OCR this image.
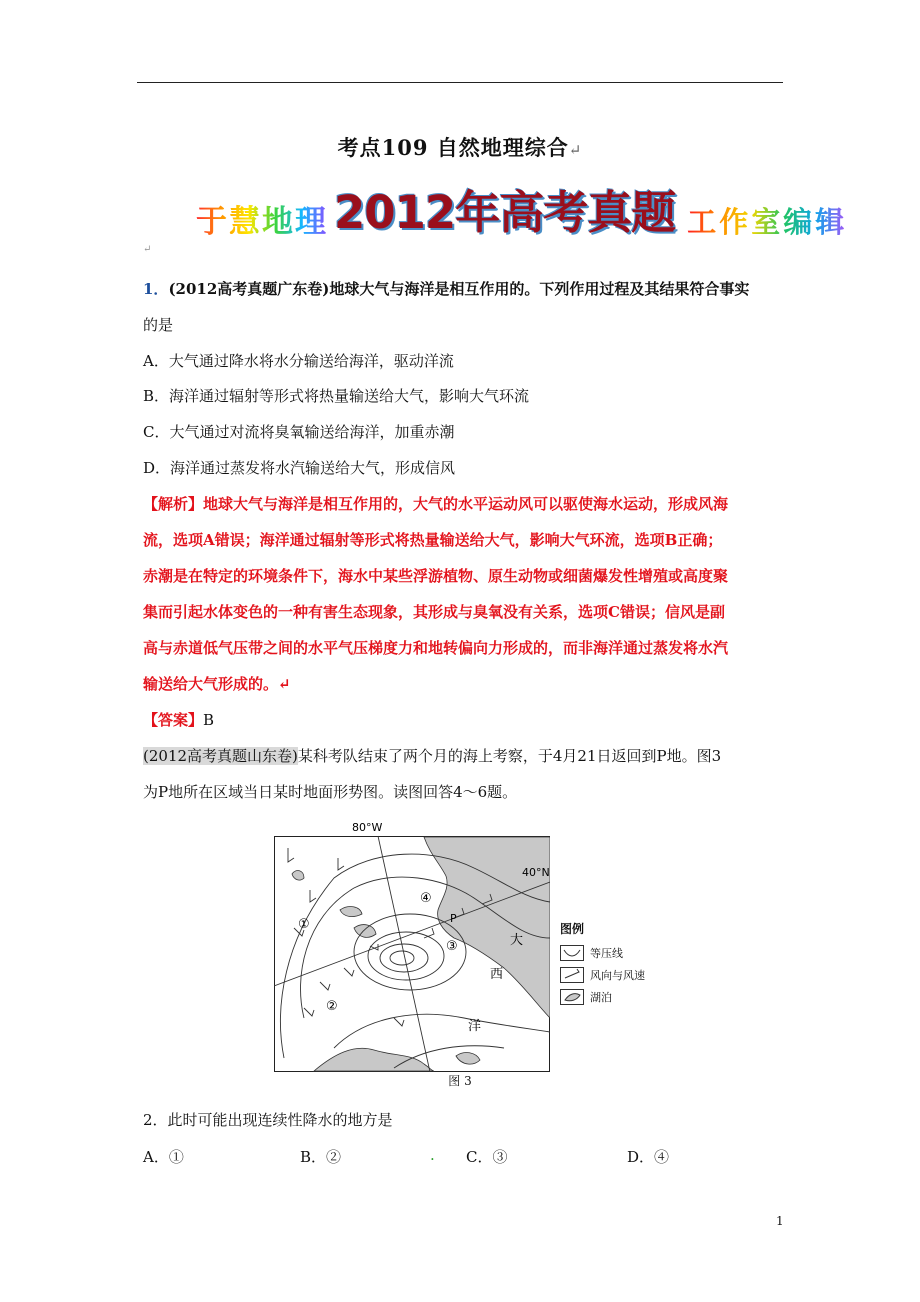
考点109 自然地理综合↵
于慧地理 2012年高考真题 工作室编辑
↵
1．(2012高考真题广东卷)地球大气与海洋是相互作用的。下列作用过程及其结果符合事实
的是
A．大气通过降水将水分输送给海洋，驱动洋流
B．海洋通过辐射等形式将热量输送给大气，影响大气环流
C．大气通过对流将臭氧输送给海洋，加重赤潮
D．海洋通过蒸发将水汽输送给大气，形成信风
【解析】地球大气与海洋是相互作用的，大气的水平运动风可以驱使海水运动，形成风海
流，选项A错误；海洋通过辐射等形式将热量输送给大气，影响大气环流，选项B正确；
赤潮是在特定的环境条件下，海水中某些浮游植物、原生动物或细菌爆发性增殖或高度聚
集而引起水体变色的一种有害生态现象，其形成与臭氧没有关系，选项C错误；信风是副
高与赤道低气压带之间的水平气压梯度力和地转偏向力形成的，而非海洋通过蒸发将水汽
输送给大气形成的。↵
【答案】B
(2012高考真题山东卷)某科考队结束了两个月的海上考察，于4月21日返回到P地。图3
为P地所在区域当日某时地面形势图。读图回答4～6题。
80°W
40°N
P
①
②
③
④
大
西
洋
图例
等压线
风向与风速
湖泊
图 3
2．此时可能出现连续性降水的地方是
A．①	B．②	. C．③	D．④
1
